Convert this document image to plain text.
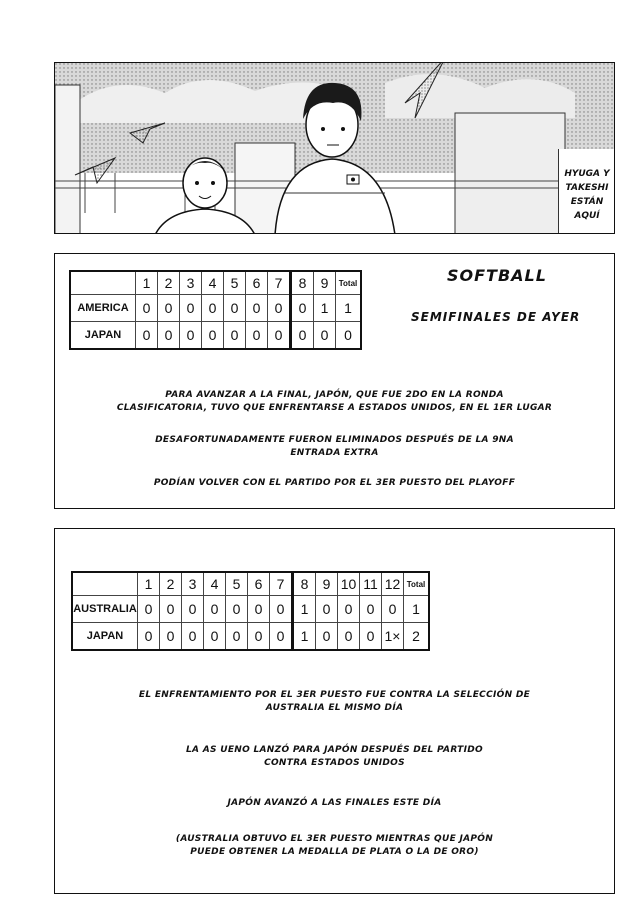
HYUGA Y
TAKESHI
ESTÁN
AQUÍ
	1	2	3	4	5	6	7	8	9	Total
AMERICA	0	0	0	0	0	0	0	0	1	1
JAPAN	0	0	0	0	0	0	0	0	0	0
SOFTBALL
SEMIFINALES DE AYER
PARA AVANZAR A LA FINAL, JAPÓN, QUE FUE 2DO EN LA RONDA
CLASIFICATORIA, TUVO QUE ENFRENTARSE A ESTADOS UNIDOS, EN EL 1ER LUGAR
DESAFORTUNADAMENTE FUERON ELIMINADOS DESPUÉS DE LA 9NA
ENTRADA EXTRA
PODÍAN VOLVER CON EL PARTIDO POR EL 3ER PUESTO DEL PLAYOFF
	1	2	3	4	5	6	7	8	9	10	11	12	Total
AUSTRALIA	0	0	0	0	0	0	0	1	0	0	0	0	1
JAPAN	0	0	0	0	0	0	0	1	0	0	0	1×	2
EL ENFRENTAMIENTO POR EL 3ER PUESTO FUE CONTRA LA SELECCIÓN DE
AUSTRALIA EL MISMO DÍA
LA AS UENO LANZÓ PARA JAPÓN DESPUÉS DEL PARTIDO
CONTRA ESTADOS UNIDOS
JAPÓN AVANZÓ A LAS FINALES ESTE DÍA
(AUSTRALIA OBTUVO EL 3ER PUESTO MIENTRAS QUE JAPÓN
PUEDE OBTENER LA MEDALLA DE PLATA O LA DE ORO)
